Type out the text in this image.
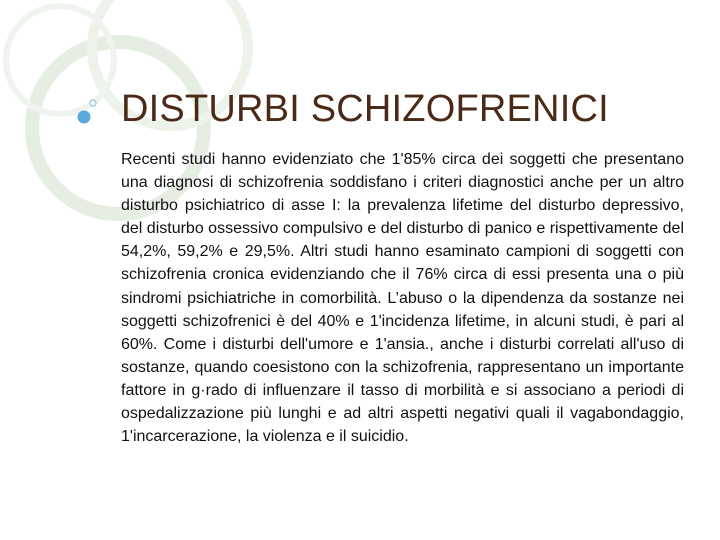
DISTURBI SCHIZOFRENICI

Recenti studi hanno evidenziato che 1'85% circa dei soggetti che presentano una diagnosi di schizofrenia soddisfano i criteri diagnostici anche per un altro disturbo psichiatrico di asse I: la prevalenza lifetime del disturbo depressivo, del disturbo ossessivo compulsivo e del disturbo di panico e rispettivamente del 54,2%, 59,2% e 29,5%. Altri studi hanno esaminato campioni di soggetti con schizofrenia cronica evidenziando che il 76% circa di essi presenta una o più sindromi psichiatriche in comorbilità. L’abuso o la dipendenza da sostanze nei soggetti schizofrenici è del 40% e 1'incidenza lifetime, in alcuni studi, è pari al 60%. Come i disturbi dell'umore e 1'ansia., anche i disturbi correlati all'uso di sostanze, quando coesistono con la schizofrenia, rappresentano un importante fattore in g·rado di influenzare il tasso di morbilità e si associano a periodi di ospedalizzazione più lunghi e ad altri aspetti negativi quali il vagabondaggio, 1'incarcerazione, la violenza e il suicidio.
